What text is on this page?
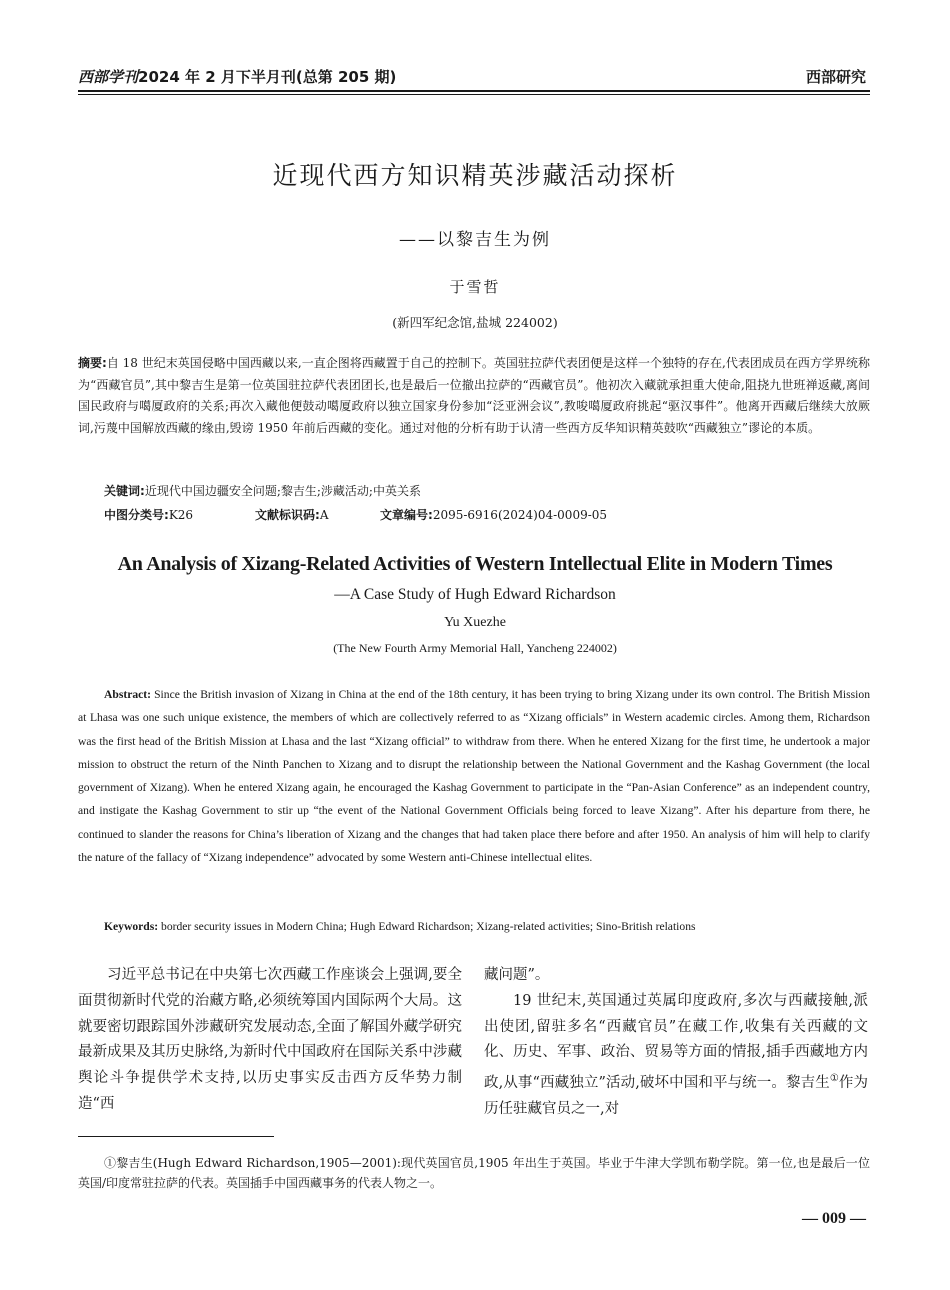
西部学刊2024 年 2 月下半月刊(总第 205 期)	西部研究
近现代西方知识精英涉藏活动探析
——以黎吉生为例
于雪哲
(新四军纪念馆,盐城 224002)
摘要:自 18 世纪末英国侵略中国西藏以来,一直企图将西藏置于自己的控制下。英国驻拉萨代表团便是这样一个独特的存在,代表团成员在西方学界统称为“西藏官员”,其中黎吉生是第一位英国驻拉萨代表团团长,也是最后一位撤出拉萨的“西藏官员”。他初次入藏就承担重大使命,阻挠九世班禅返藏,离间国民政府与噶厦政府的关系;再次入藏他便鼓动噶厦政府以独立国家身份参加“泛亚洲会议”,教唆噶厦政府挑起“驱汉事件”。他离开西藏后继续大放厥词,污蔑中国解放西藏的缘由,毁谤 1950 年前后西藏的变化。通过对他的分析有助于认清一些西方反华知识精英鼓吹“西藏独立”谬论的本质。
关键词:近现代中国边疆安全问题;黎吉生;涉藏活动;中英关系
中图分类号:K26	文献标识码:A	文章编号:2095-6916(2024)04-0009-05
An Analysis of Xizang-Related Activities of Western Intellectual Elite in Modern Times
—A Case Study of Hugh Edward Richardson
Yu Xuezhe
(The New Fourth Army Memorial Hall, Yancheng 224002)
Abstract: Since the British invasion of Xizang in China at the end of the 18th century, it has been trying to bring Xizang under its own control. The British Mission at Lhasa was one such unique existence, the members of which are collectively referred to as “Xizang officials” in Western academic circles. Among them, Richardson was the first head of the British Mission at Lhasa and the last “Xizang official” to withdraw from there. When he entered Xizang for the first time, he undertook a major mission to obstruct the return of the Ninth Panchen to Xizang and to disrupt the relationship between the National Government and the Kashag Government (the local government of Xizang). When he entered Xizang again, he encouraged the Kashag Government to participate in the “Pan-Asian Conference” as an independent country, and instigate the Kashag Government to stir up “the event of the National Government Officials being forced to leave Xizang”. After his departure from there, he continued to slander the reasons for China’s liberation of Xizang and the changes that had taken place there before and after 1950. An analysis of him will help to clarify the nature of the fallacy of “Xizang independence” advocated by some Western anti-Chinese intellectual elites.
Keywords: border security issues in Modern China; Hugh Edward Richardson; Xizang-related activities; Sino-British relations
习近平总书记在中央第七次西藏工作座谈会上强调,要全面贯彻新时代党的治藏方略,必须统筹国内国际两个大局。这就要密切跟踪国外涉藏研究发展动态,全面了解国外藏学研究最新成果及其历史脉络,为新时代中国政府在国际关系中涉藏舆论斗争提供学术支持,以历史事实反击西方反华势力制造“西

藏问题”。

19 世纪末,英国通过英属印度政府,多次与西藏接触,派出使团,留驻多名“西藏官员”在藏工作,收集有关西藏的文化、历史、军事、政治、贸易等方面的情报,插手西藏地方内政,从事“西藏独立”活动,破坏中国和平与统一。黎吉生①作为历任驻藏官员之一,对

①黎吉生(Hugh Edward Richardson,1905—2001):现代英国官员,1905 年出生于英国。毕业于牛津大学凯布勒学院。第一位,也是最后一位英国/印度常驻拉萨的代表。英国插手中国西藏事务的代表人物之一。
— 009 —
